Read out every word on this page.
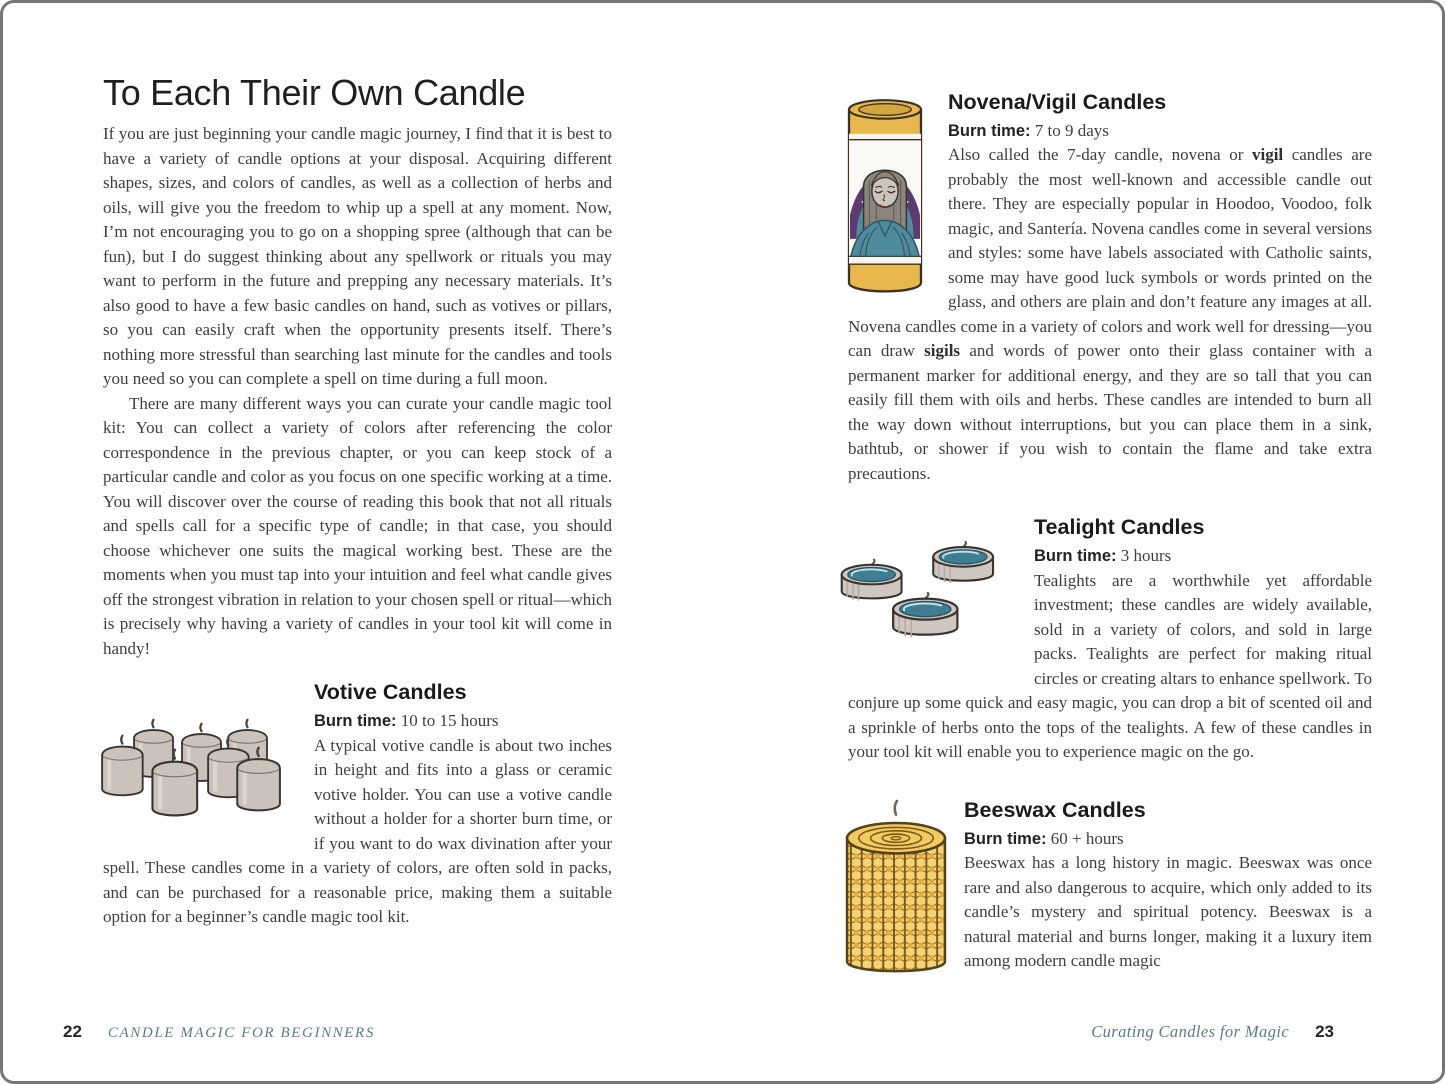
To Each Their Own Candle

If you are just beginning your candle magic journey, I find that it is best to have a variety of candle options at your disposal. Acquiring different shapes, sizes, and colors of candles, as well as a collection of herbs and oils, will give you the freedom to whip up a spell at any moment. Now, I’m not encouraging you to go on a shopping spree (although that can be fun), but I do suggest thinking about any spellwork or rituals you may want to perform in the future and prepping any necessary materials. It’s also good to have a few basic candles on hand, such as votives or pillars, so you can easily craft when the opportunity presents itself. There’s nothing more stressful than searching last minute for the candles and tools you need so you can complete a spell on time during a full moon.

There are many different ways you can curate your candle magic tool kit: You can collect a variety of colors after referencing the color correspondence in the previous chapter, or you can keep stock of a particular candle and color as you focus on one specific working at a time. You will discover over the course of reading this book that not all rituals and spells call for a specific type of candle; in that case, you should choose whichever one suits the magical working best. These are the moments when you must tap into your intuition and feel what candle gives off the strongest vibration in relation to your chosen spell or ritual—which is precisely why having a variety of candles in your tool kit will come in handy!

Votive Candles

Burn time: 10 to 15 hours

A typical votive candle is about two inches in height and fits into a glass or ceramic votive holder. You can use a votive candle without a holder for a shorter burn time, or if you want to do wax divination after your spell. These candles come in a variety of colors, are often sold in packs, and can be purchased for a reasonable price, making them a suitable option for a beginner’s candle magic tool kit.

Novena/Vigil Candles

Burn time: 7 to 9 days

Also called the 7-day candle, novena or vigil candles are probably the most well-known and accessible candle out there. They are especially popular in Hoodoo, Voodoo, folk magic, and Santería. Novena candles come in several versions and styles: some have labels associated with Catholic saints, some may have good luck symbols or words printed on the glass, and others are plain and don’t feature any images at all. Novena candles come in a variety of colors and work well for dressing—you can draw sigils and words of power onto their glass container with a permanent marker for additional energy, and they are so tall that you can easily fill them with oils and herbs. These candles are intended to burn all the way down without interruptions, but you can place them in a sink, bathtub, or shower if you wish to contain the flame and take extra precautions.

Tealight Candles

Burn time: 3 hours

Tealights are a worthwhile yet affordable investment; these candles are widely available, sold in a variety of colors, and sold in large packs. Tealights are perfect for making ritual circles or creating altars to enhance spellwork. To conjure up some quick and easy magic, you can drop a bit of scented oil and a sprinkle of herbs onto the tops of the tealights. A few of these candles in your tool kit will enable you to experience magic on the go.

Beeswax Candles

Burn time: 60 + hours

Beeswax has a long history in magic. Beeswax was once rare and also dangerous to acquire, which only added to its candle’s mystery and spiritual potency. Beeswax is a natural material and burns longer, making it a luxury item among modern candle magic

22 CANDLE MAGIC FOR BEGINNERS	Curating Candles for Magic 23
